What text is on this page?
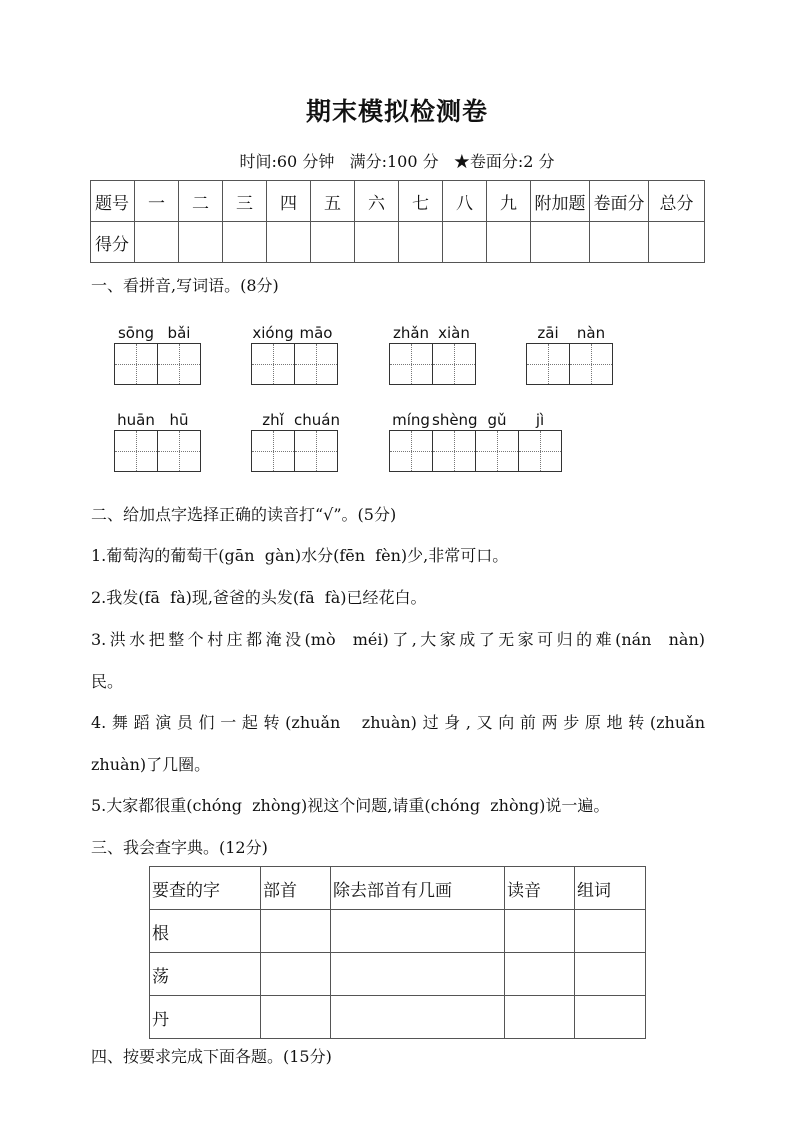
期末模拟检测卷
时间:60 分钟   满分:100 分   ★卷面分:2 分
题号	一	二	三	四	五	六	七	八	九	附加题	卷面分	总分
得分												
一、看拼音,写词语。(8分)
sōng bǎi	xióng māo	zhǎn xiàn	zāi	nàn
huān hū	zhǐ chuán	míng shèng gǔ	jì
二、给加点字选择正确的读音打“√”。(5分)
1.葡萄沟的葡萄干(gān  gàn)水分(fēn  fèn)少,非常可口。
2.我发(fā  fà)现,爸爸的头发(fā  fà)已经花白。
3.洪水把整个村庄都淹没(mò  méi)了,大家成了无家可归的难(nán  nàn)
民。
4.舞蹈演员们一起转(zhuǎn  zhuàn)过身,又向前两步原地转(zhuǎn
zhuàn)了几圈。
5.大家都很重(chóng  zhòng)视这个问题,请重(chóng  zhòng)说一遍。
三、我会查字典。(12分)
要查的字	部首	除去部首有几画	读音	组词
根				
荡				
丹				
四、按要求完成下面各题。(15分)
